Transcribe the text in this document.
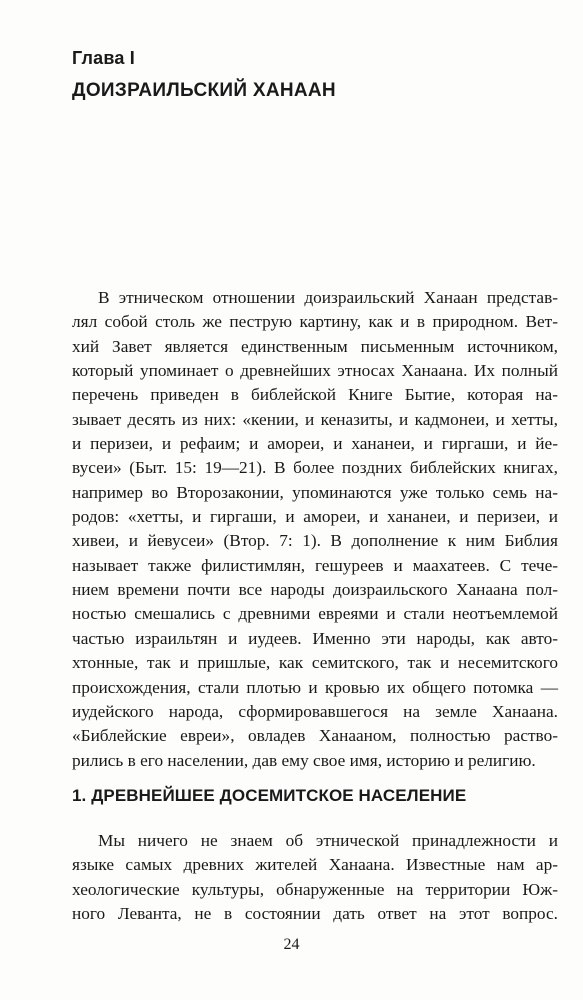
Глава I
ДОИЗРАИЛЬСКИЙ ХАНААН
В этническом отношении доизраильский Ханаан представ-
лял собой столь же пеструю картину, как и в природном. Вет-
хий Завет является единственным письменным источником,
который упоминает о древнейших этносах Ханаана. Их полный
перечень приведен в библейской Книге Бытие, которая на-
зывает десять из них: «кении, и кеназиты, и кадмонеи, и хетты,
и перизеи, и рефаим; и амореи, и хананеи, и гиргаши, и йе-
вусеи» (Быт. 15: 19—21). В более поздних библейских книгах,
например во Второзаконии, упоминаются уже только семь на-
родов: «хетты, и гиргаши, и амореи, и хананеи, и перизеи, и
хивеи, и йевусеи» (Втор. 7: 1). В дополнение к ним Библия
называет также филистимлян, гешуреев и маахатеев. С тече-
нием времени почти все народы доизраильского Ханаана пол-
ностью смешались с древними евреями и стали неотъемлемой
частью израильтян и иудеев. Именно эти народы, как авто-
хтонные, так и пришлые, как семитского, так и несемитского
происхождения, стали плотью и кровью их общего потомка —
иудейского народа, сформировавшегося на земле Ханаана.
«Библейские евреи», овладев Ханааном, полностью раство-
рились в его населении, дав ему свое имя, историю и религию.
1. ДРЕВНЕЙШЕЕ ДОСЕМИТСКОЕ НАСЕЛЕНИЕ
Мы ничего не знаем об этнической принадлежности и
языке самых древних жителей Ханаана. Известные нам ар-
хеологические культуры, обнаруженные на территории Юж-
ного Леванта, не в состоянии дать ответ на этот вопрос.
24
